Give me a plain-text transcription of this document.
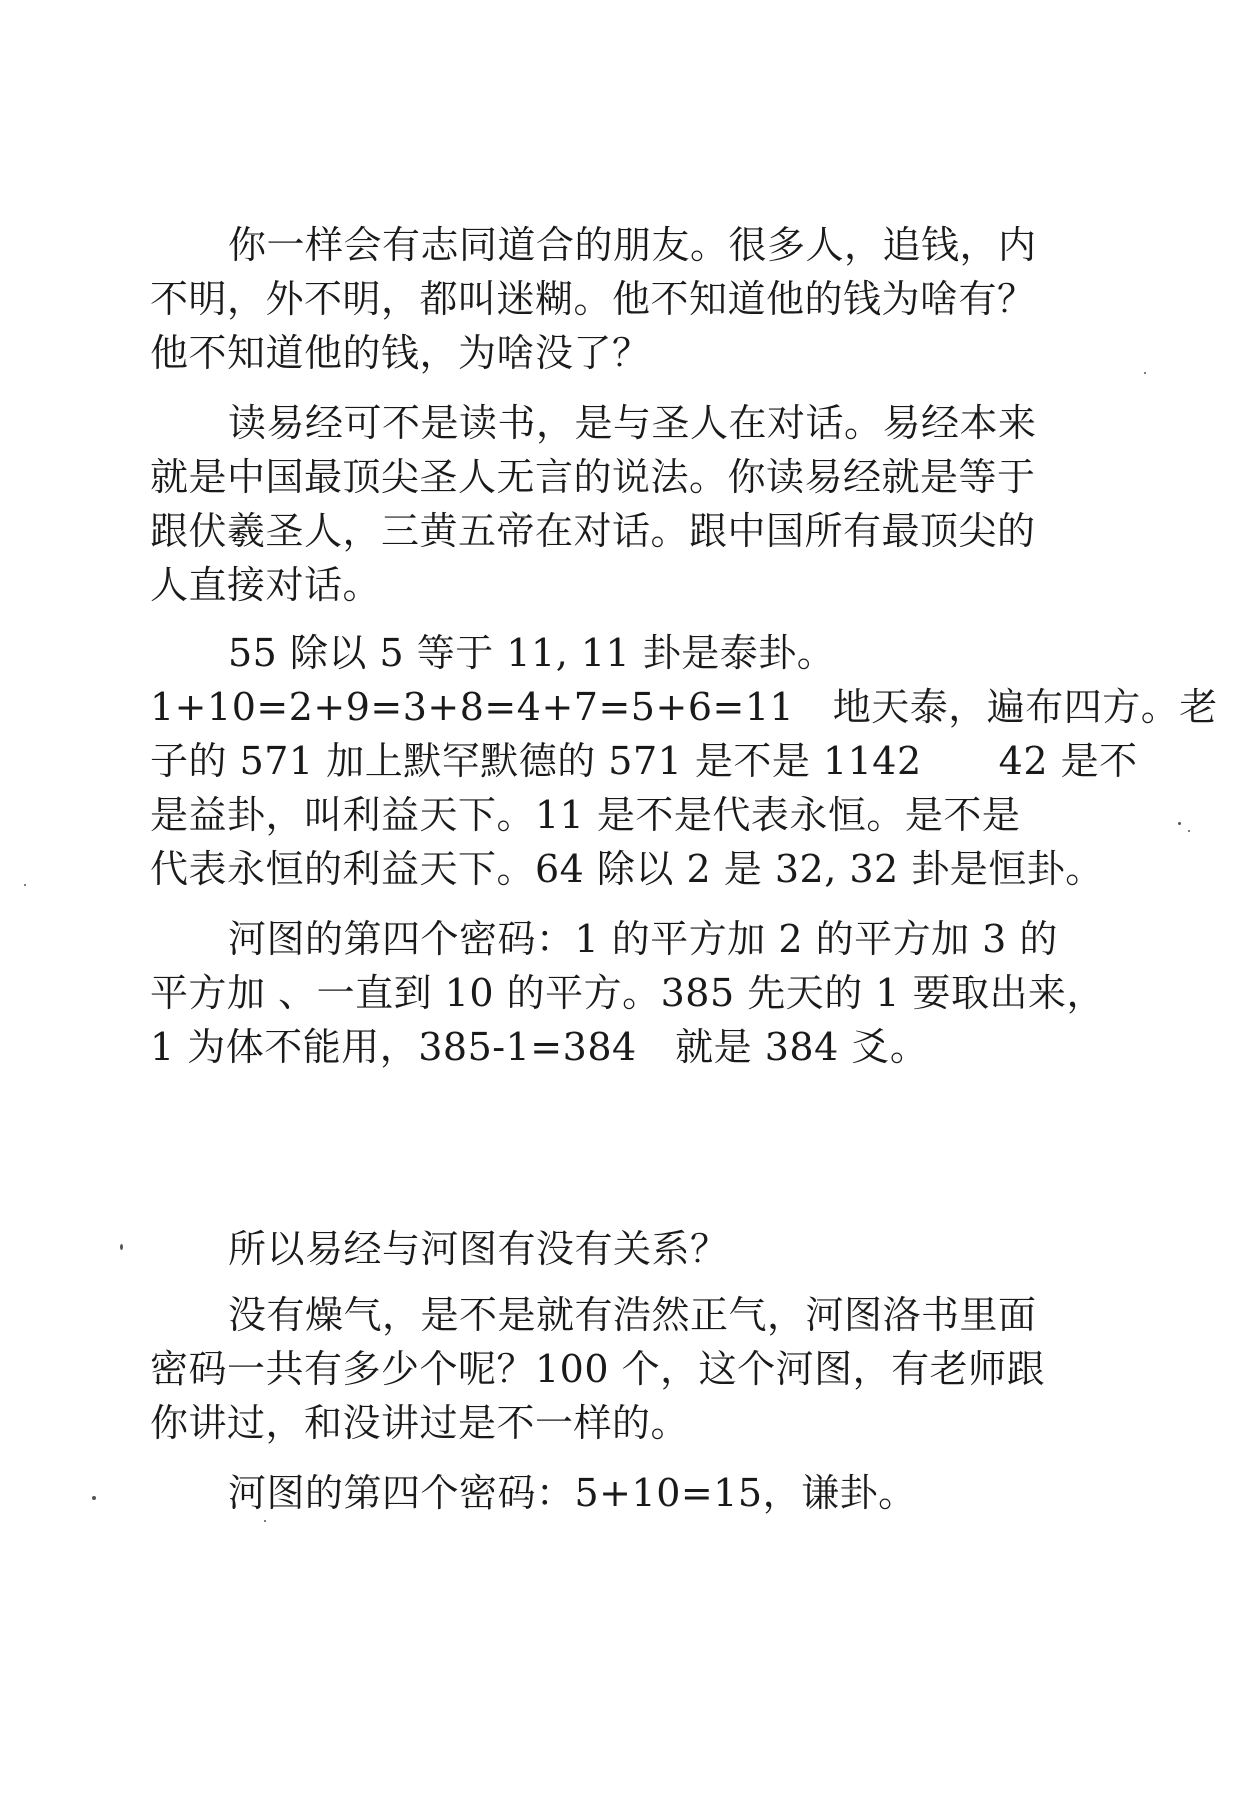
你一样会有志同道合的朋友。很多人，追钱，内
不明，外不明，都叫迷糊。他不知道他的钱为啥有？
他不知道他的钱，为啥没了？
读易经可不是读书，是与圣人在对话。易经本来
就是中国最顶尖圣人无言的说法。你读易经就是等于
跟伏羲圣人，三黄五帝在对话。跟中国所有最顶尖的
人直接对话。
55 除以 5 等于 11, 11 卦是泰卦。
1+10=2+9=3+8=4+7=5+6=11　地天泰，遍布四方。老
子的 571 加上默罕默德的 571 是不是 1142　　42 是不
是益卦，叫利益天下。11 是不是代表永恒。是不是
代表永恒的利益天下。64 除以 2 是 32, 32 卦是恒卦。
河图的第四个密码：1 的平方加 2 的平方加 3 的
平方加 、一直到 10 的平方。385 先天的 1 要取出来，
1 为体不能用，385-1=384　就是 384 爻。
所以易经与河图有没有关系？
没有燥气，是不是就有浩然正气，河图洛书里面
密码一共有多少个呢？100 个，这个河图，有老师跟
你讲过，和没讲过是不一样的。
河图的第四个密码：5+10=15，谦卦。
